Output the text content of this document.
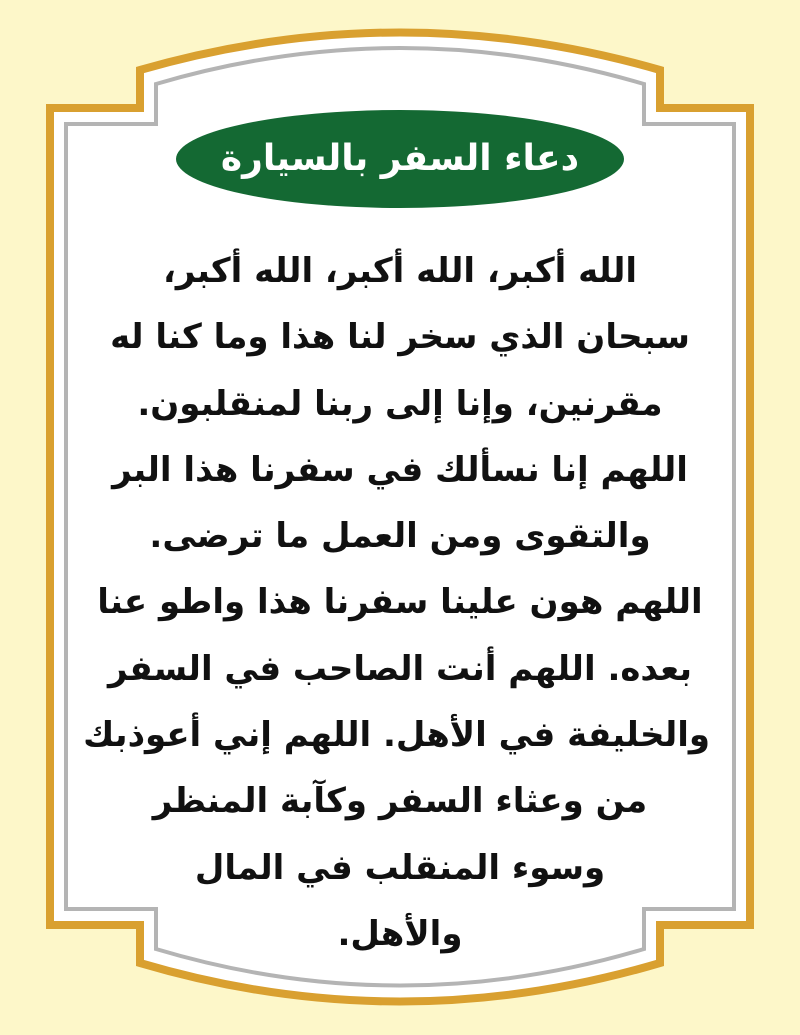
دعاء السفر بالسيارة
الله أكبر، الله أكبر، الله أكبر،
سبحان الذي سخر لنا هذا وما كنا له
مقرنين، وإنا إلى ربنا لمنقلبون.
اللهم إنا نسألك في سفرنا هذا البر
والتقوى ومن العمل ما ترضى.
اللهم هون علينا سفرنا هذا واطو عنا
بعده. اللهم أنت الصاحب في السفر
والخليفة في الأهل. اللهم إني أعوذبك
من وعثاء السفر وكآبة المنظر
وسوء المنقلب في المال
والأهل.
